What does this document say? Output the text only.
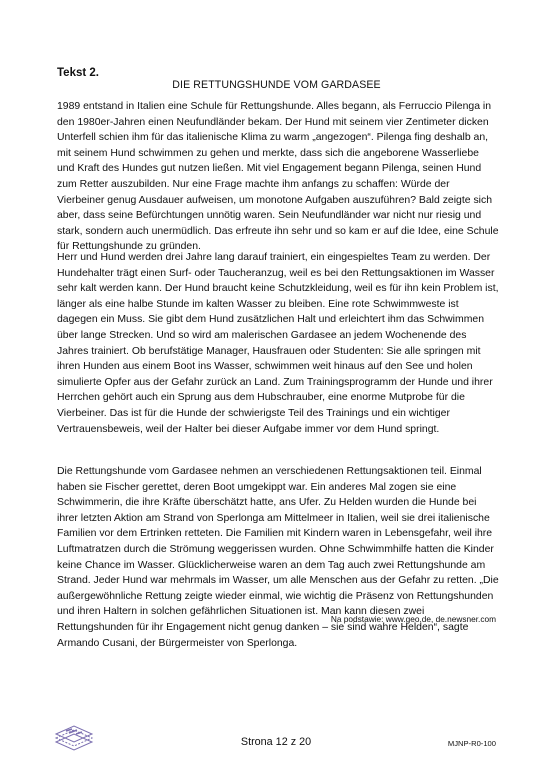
Tekst 2.
DIE RETTUNGSHUNDE VOM GARDASEE

1989 entstand in Italien eine Schule für Rettungshunde. Alles begann, als Ferruccio Pilenga in den 1980er-Jahren einen Neufundländer bekam. Der Hund mit seinem vier Zentimeter dicken Unterfell schien ihm für das italienische Klima zu warm „angezogen“. Pilenga fing deshalb an, mit seinem Hund schwimmen zu gehen und merkte, dass sich die angeborene Wasserliebe und Kraft des Hundes gut nutzen ließen. Mit viel Engagement begann Pilenga, seinen Hund zum Retter auszubilden. Nur eine Frage machte ihm anfangs zu schaffen: Würde der Vierbeiner genug Ausdauer aufweisen, um monotone Aufgaben auszuführen? Bald zeigte sich aber, dass seine Befürchtungen unnötig waren. Sein Neufundländer war nicht nur riesig und stark, sondern auch unermüdlich. Das erfreute ihn sehr und so kam er auf die Idee, eine Schule für Rettungshunde zu gründen.

Herr und Hund werden drei Jahre lang darauf trainiert, ein eingespieltes Team zu werden. Der Hundehalter trägt einen Surf- oder Taucheranzug, weil es bei den Rettungsaktionen im Wasser sehr kalt werden kann. Der Hund braucht keine Schutzkleidung, weil es für ihn kein Problem ist, länger als eine halbe Stunde im kalten Wasser zu bleiben. Eine rote Schwimmweste ist dagegen ein Muss. Sie gibt dem Hund zusätzlichen Halt und erleichtert ihm das Schwimmen über lange Strecken. Und so wird am malerischen Gardasee an jedem Wochenende des Jahres trainiert. Ob berufstätige Manager, Hausfrauen oder Studenten: Sie alle springen mit ihren Hunden aus einem Boot ins Wasser, schwimmen weit hinaus auf den See und holen simulierte Opfer aus der Gefahr zurück an Land. Zum Trainingsprogramm der Hunde und ihrer Herrchen gehört auch ein Sprung aus dem Hubschrauber, eine enorme Mutprobe für die Vierbeiner. Das ist für die Hunde der schwierigste Teil des Trainings und ein wichtiger Vertrauensbeweis, weil der Halter bei dieser Aufgabe immer vor dem Hund springt.

Die Rettungshunde vom Gardasee nehmen an verschiedenen Rettungsaktionen teil. Einmal haben sie Fischer gerettet, deren Boot umgekippt war. Ein anderes Mal zogen sie eine Schwimmerin, die ihre Kräfte überschätzt hatte, ans Ufer. Zu Helden wurden die Hunde bei ihrer letzten Aktion am Strand von Sperlonga am Mittelmeer in Italien, weil sie drei italienische Familien vor dem Ertrinken retteten. Die Familien mit Kindern waren in Lebensgefahr, weil ihre Luftmatratzen durch die Strömung weggerissen wurden. Ohne Schwimmhilfe hatten die Kinder keine Chance im Wasser. Glücklicherweise waren an dem Tag auch zwei Rettungshunde am Strand. Jeder Hund war mehrmals im Wasser, um alle Menschen aus der Gefahr zu retten. „Die außergewöhnliche Rettung zeigte wieder einmal, wie wichtig die Präsenz von Rettungshunden und ihren Haltern in solchen gefährlichen Situationen ist. Man kann diesen zwei Rettungshunden für ihr Engagement nicht genug danken – sie sind wahre Helden“, sagte Armando Cusani, der Bürgermeister von Sperlonga.

Na podstawie: www.geo.de, de.newsner.com
Strona 12 z 20	MJNP-R0-100
